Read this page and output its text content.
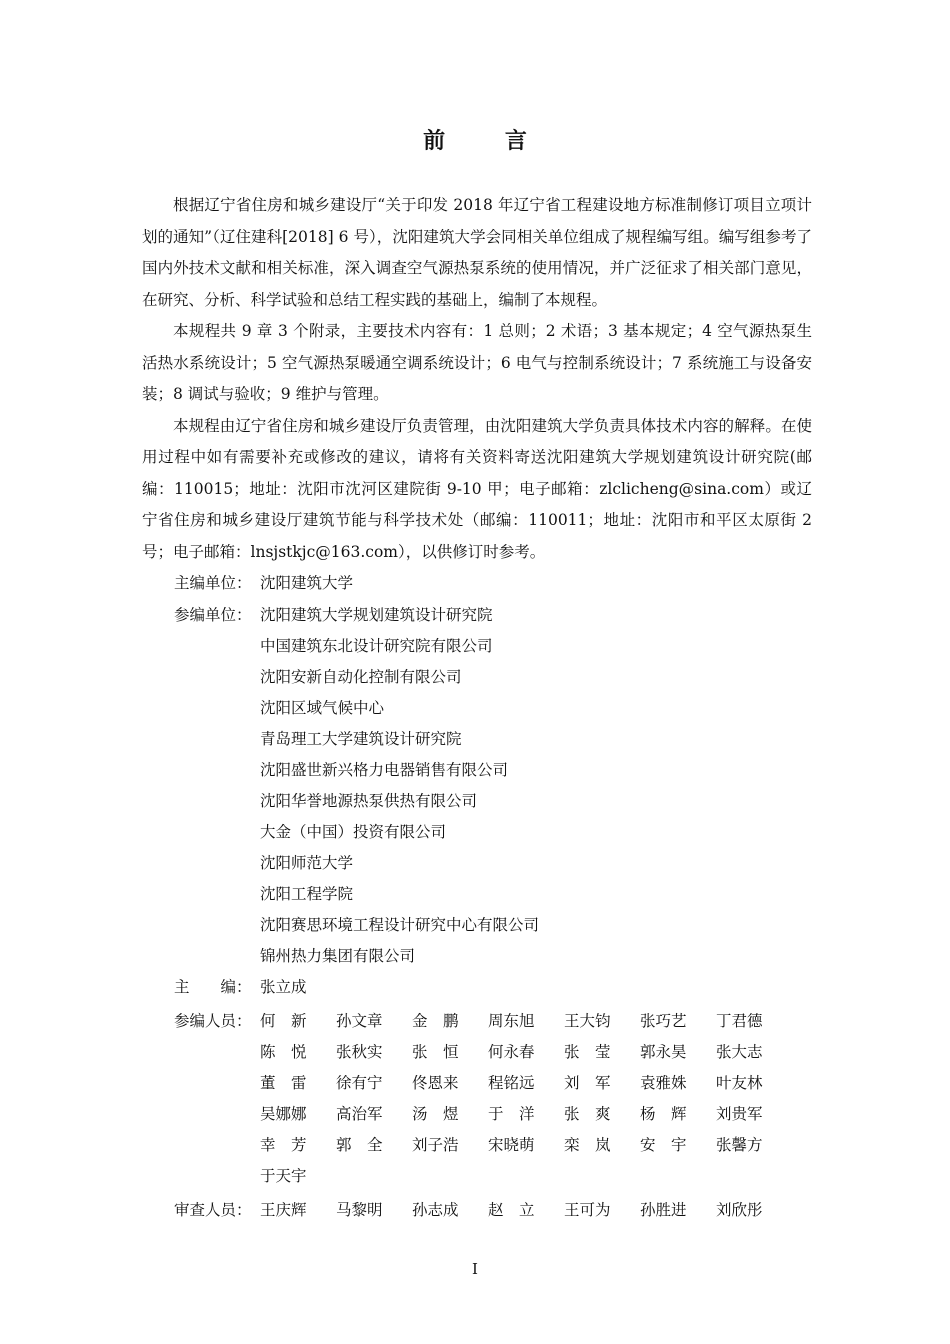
前 言

根据辽宁省住房和城乡建设厅“关于印发 2018 年辽宁省工程建设地方标准制修订项目立项计划的通知”（辽住建科[2018] 6 号），沈阳建筑大学会同相关单位组成了规程编写组。编写组参考了国内外技术文献和相关标准，深入调查空气源热泵系统的使用情况，并广泛征求了相关部门意见，在研究、分析、科学试验和总结工程实践的基础上，编制了本规程。

本规程共 9 章 3 个附录，主要技术内容有：1 总则；2 术语；3 基本规定；4 空气源热泵生活热水系统设计；5 空气源热泵暖通空调系统设计；6 电气与控制系统设计；7 系统施工与设备安装；8 调试与验收；9 维护与管理。

本规程由辽宁省住房和城乡建设厅负责管理，由沈阳建筑大学负责具体技术内容的解释。在使用过程中如有需要补充或修改的建议，请将有关资料寄送沈阳建筑大学规划建筑设计研究院(邮编：110015；地址：沈阳市沈河区建院街 9-10 甲；电子邮箱：zlclicheng@sina.com）或辽宁省住房和城乡建设厅建筑节能与科学技术处（邮编：110011；地址：沈阳市和平区太原街 2 号；电子邮箱：lnsjstkjc@163.com），以供修订时参考。

主编单位： 沈阳建筑大学
参编单位： 沈阳建筑大学规划建筑设计研究院
中国建筑东北设计研究院有限公司
沈阳安新自动化控制有限公司
沈阳区域气候中心
青岛理工大学建筑设计研究院
沈阳盛世新兴格力电器销售有限公司
沈阳华誉地源热泵供热有限公司
大金（中国）投资有限公司
沈阳师范大学
沈阳工程学院
沈阳赛思环境工程设计研究中心有限公司
锦州热力集团有限公司
主　　编： 张立成
参编人员： 何　新	孙文章	金　鹏	周东旭	王大钧	张巧艺	丁君德
陈　悦	张秋实	张　恒	何永春	张　莹	郭永昊	张大志
董　雷	徐有宁	佟恩来	程铭远	刘　军	袁雅姝	叶友林
吴娜娜	高治军	汤　煜	于　洋	张　爽	杨　辉	刘贵军
幸　芳	郭　全	刘子浩	宋晓萌	栾　岚	安　宇	张馨方
于天宇
审查人员： 王庆辉	马黎明	孙志成	赵　立	王可为	孙胜进	刘欣彤
I
